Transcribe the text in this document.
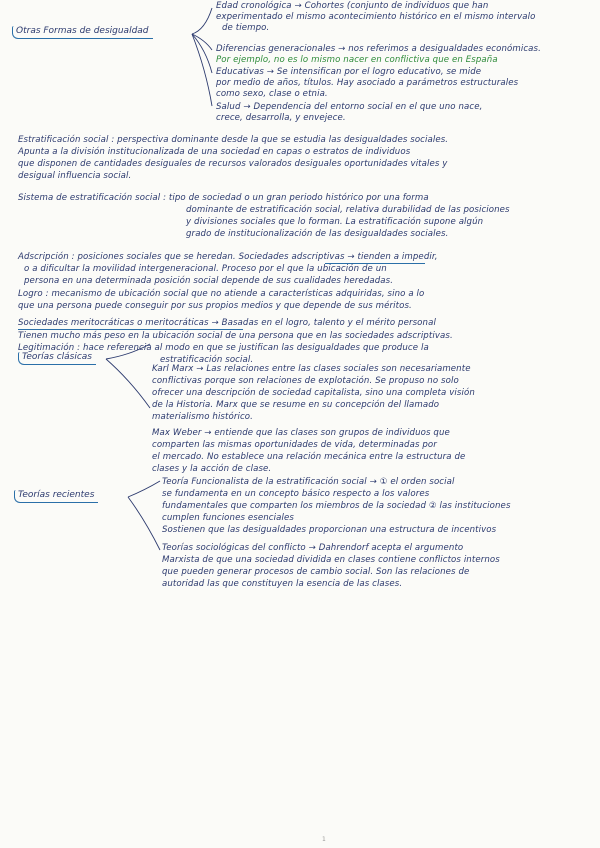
Otras Formas de desigualdad
Edad cronológica → Cohortes (conjunto de individuos que han
experimentado el mismo acontecimiento histórico en el mismo intervalo
de tiempo.
Diferencias generacionales → nos referimos a desigualdades económicas.
Por ejemplo, no es lo mismo nacer en conflictiva que en España
Educativas → Se intensifican por el logro educativo, se mide
por medio de años, títulos. Hay asociado a parámetros estructurales
como sexo, clase o etnia.
Salud → Dependencia del entorno social en el que uno nace,
crece, desarrolla, y envejece.
Estratificación social : perspectiva dominante desde la que se estudia las desigualdades sociales.
Apunta a la división institucionalizada de una sociedad en capas o estratos de individuos
que disponen de cantidades desiguales de recursos valorados desiguales oportunidades vitales y
desigual influencia social.
Sistema de estratificación social : tipo de sociedad o un gran periodo histórico por una forma
dominante de estratificación social, relativa durabilidad de las posiciones
y divisiones sociales que lo forman. La estratificación supone algún
grado de institucionalización de las desigualdades sociales.
Adscripción : posiciones sociales que se heredan. Sociedades adscriptivas → tienden a impedir,
o a dificultar la movilidad intergeneracional. Proceso por el que la ubicación de un
persona en una determinada posición social depende de sus cualidades heredadas.
Logro : mecanismo de ubicación social que no atiende a características adquiridas, sino a lo
que una persona puede conseguir por sus propios medios y que depende de sus méritos.
Sociedades meritocráticas o meritocráticas → Basadas en el logro, talento y el mérito personal
Tienen mucho más peso en la ubicación social de una persona que en las sociedades adscriptivas.
Legitimación : hace referencia al modo en que se justifican las desigualdades que produce la
estratificación social.
Teorías clásicas
Karl Marx → Las relaciones entre las clases sociales son necesariamente
conflictivas porque son relaciones de explotación. Se propuso no solo
ofrecer una descripción de sociedad capitalista, sino una completa visión
de la Historia. Marx que se resume en su concepción del llamado
materialismo histórico.
Max Weber → entiende que las clases son grupos de individuos que
comparten las mismas oportunidades de vida, determinadas por
el mercado. No establece una relación mecánica entre la estructura de
clases y la acción de clase.
Teorías recientes
Teoría Funcionalista de la estratificación social → ① el orden social
se fundamenta en un concepto básico respecto a los valores
fundamentales que comparten los miembros de la sociedad ② las instituciones
cumplen funciones esenciales
Sostienen que las desigualdades proporcionan una estructura de incentivos
Teorías sociológicas del conflicto → Dahrendorf acepta el argumento
Marxista de que una sociedad dividida en clases contiene conflictos internos
que pueden generar procesos de cambio social. Son las relaciones de
autoridad las que constituyen la esencia de las clases.
1
